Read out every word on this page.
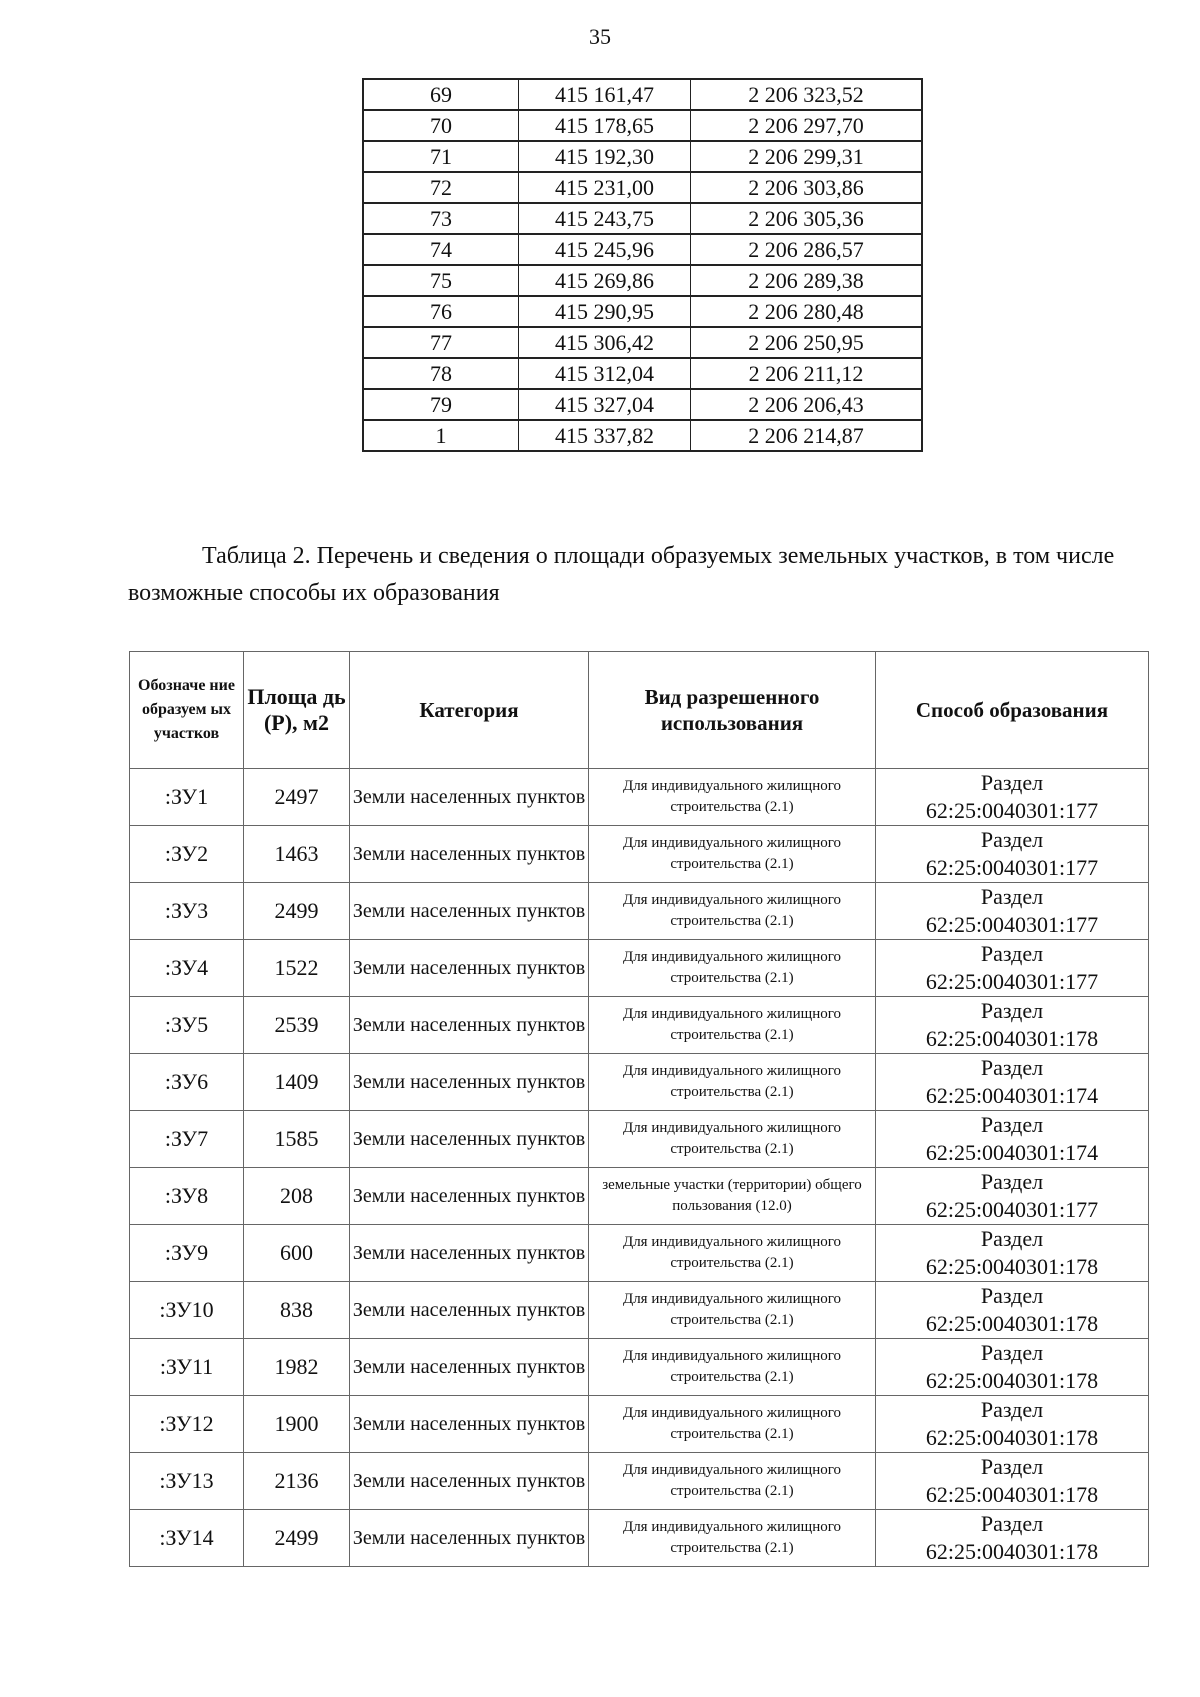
35
69	415 161,47	2 206 323,52
70	415 178,65	2 206 297,70
71	415 192,30	2 206 299,31
72	415 231,00	2 206 303,86
73	415 243,75	2 206 305,36
74	415 245,96	2 206 286,57
75	415 269,86	2 206 289,38
76	415 290,95	2 206 280,48
77	415 306,42	2 206 250,95
78	415 312,04	2 206 211,12
79	415 327,04	2 206 206,43
1	415 337,82	2 206 214,87
Таблица 2. Перечень и сведения о площади образуемых земельных участков, в том числе возможные способы их образования
Обозначе ние образуем ых участков	Площа дь (Р), м2	Категория	Вид разрешенного использования	Способ образования
:ЗУ1	2497	Земли населенных пунктов	Для индивидуального жилищного строительства (2.1)	Раздел
62:25:0040301:177

:ЗУ2	1463	Земли населенных пунктов	Для индивидуального жилищного строительства (2.1)	Раздел
62:25:0040301:177

:ЗУ3	2499	Земли населенных пунктов	Для индивидуального жилищного строительства (2.1)	Раздел
62:25:0040301:177

:ЗУ4	1522	Земли населенных пунктов	Для индивидуального жилищного строительства (2.1)	Раздел
62:25:0040301:177

:ЗУ5	2539	Земли населенных пунктов	Для индивидуального жилищного строительства (2.1)	Раздел
62:25:0040301:178

:ЗУ6	1409	Земли населенных пунктов	Для индивидуального жилищного строительства (2.1)	Раздел
62:25:0040301:174

:ЗУ7	1585	Земли населенных пунктов	Для индивидуального жилищного строительства (2.1)	Раздел
62:25:0040301:174

:ЗУ8	208	Земли населенных пунктов	земельные участки (территории) общего пользования (12.0)	Раздел
62:25:0040301:177

:ЗУ9	600	Земли населенных пунктов	Для индивидуального жилищного строительства (2.1)	Раздел
62:25:0040301:178

:ЗУ10	838	Земли населенных пунктов	Для индивидуального жилищного строительства (2.1)	Раздел
62:25:0040301:178

:ЗУ11	1982	Земли населенных пунктов	Для индивидуального жилищного строительства (2.1)	Раздел
62:25:0040301:178

:ЗУ12	1900	Земли населенных пунктов	Для индивидуального жилищного строительства (2.1)	Раздел
62:25:0040301:178

:ЗУ13	2136	Земли населенных пунктов	Для индивидуального жилищного строительства (2.1)	Раздел
62:25:0040301:178

:ЗУ14	2499	Земли населенных пунктов	Для индивидуального жилищного строительства (2.1)	Раздел
62:25:0040301:178
